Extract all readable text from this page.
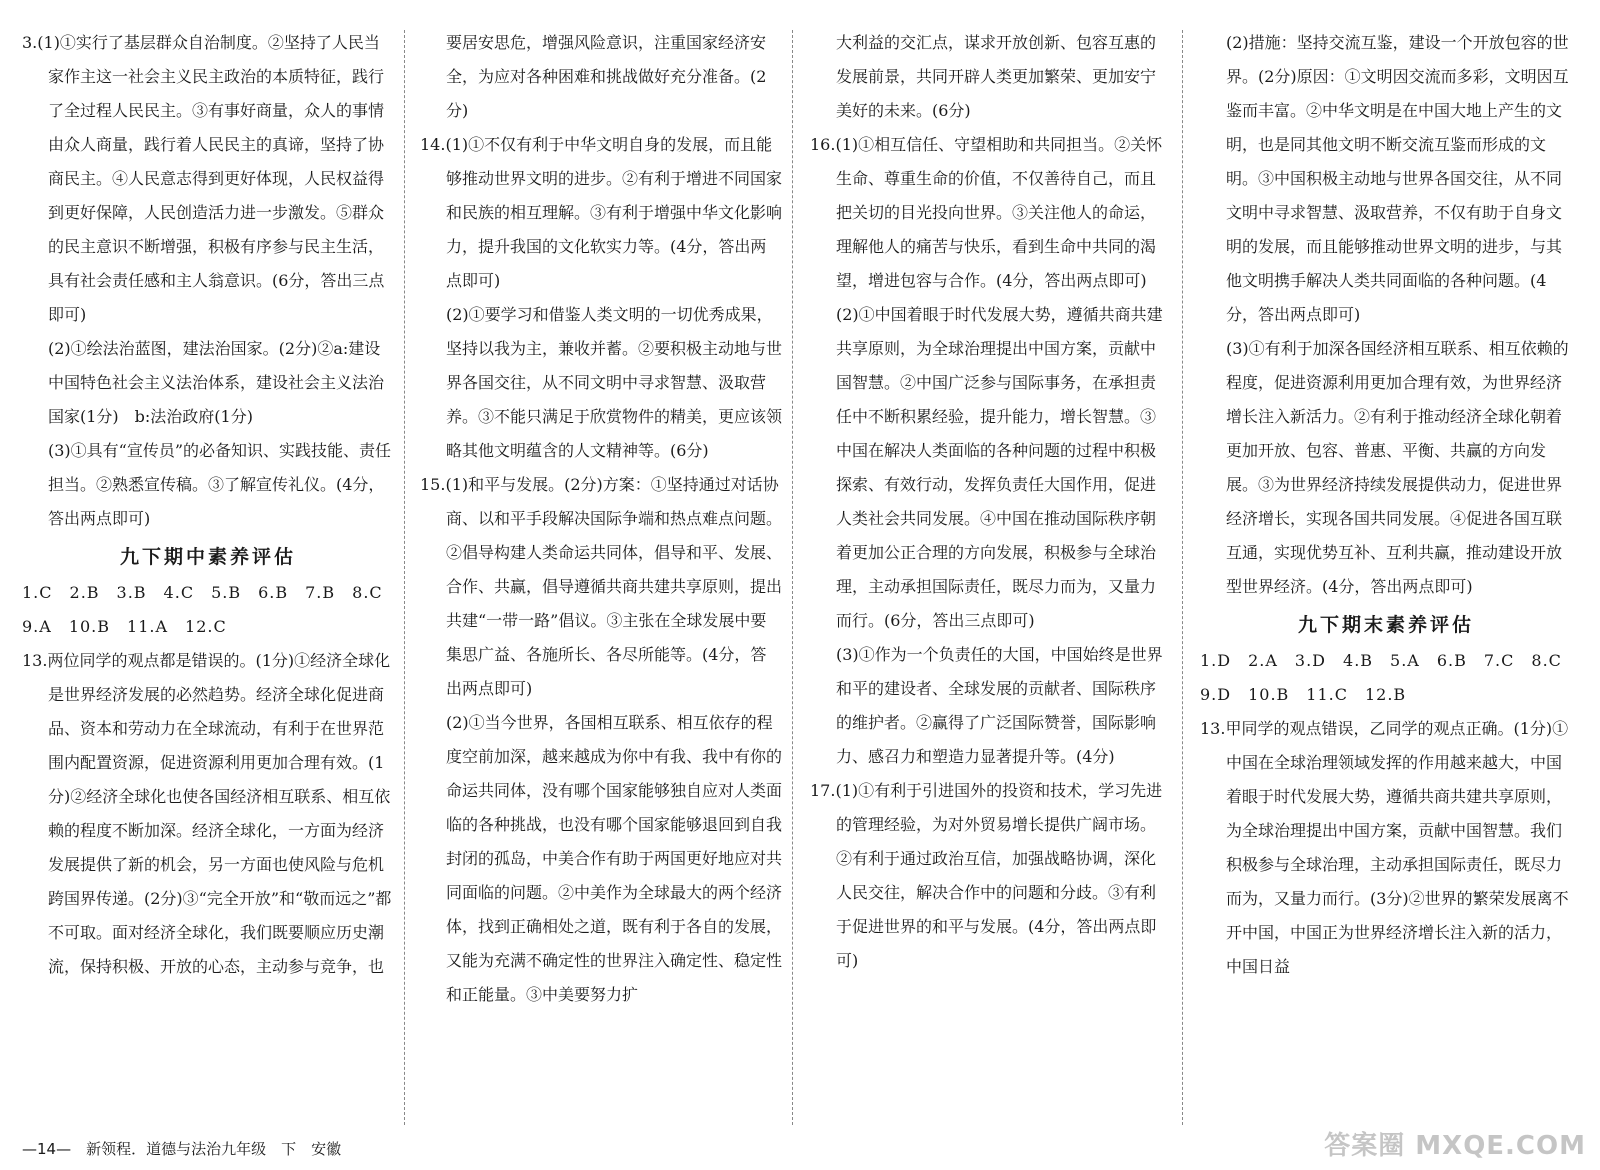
3.(1)①实行了基层群众自治制度。②坚持了人民当家作主这一社会主义民主政治的本质特征，践行了全过程人民民主。③有事好商量，众人的事情由众人商量，践行着人民民主的真谛，坚持了协商民主。④人民意志得到更好体现，人民权益得到更好保障，人民创造活力进一步激发。⑤群众的民主意识不断增强，积极有序参与民主生活，具有社会责任感和主人翁意识。(6分，答出三点即可)

(2)①绘法治蓝图，建法治国家。(2分)②a:建设中国特色社会主义法治体系，建设社会主义法治国家(1分)　b:法治政府(1分)

(3)①具有“宣传员”的必备知识、实践技能、责任担当。②熟悉宣传稿。③了解宣传礼仪。(4分，答出两点即可)

九下期中素养评估

1.C　2.B　3.B　4.C　5.B　6.B　7.B　8.C

9.A　10.B　11.A　12.C

13.两位同学的观点都是错误的。(1分)①经济全球化是世界经济发展的必然趋势。经济全球化促进商品、资本和劳动力在全球流动，有利于在世界范围内配置资源，促进资源利用更加合理有效。(1分)②经济全球化也使各国经济相互联系、相互依赖的程度不断加深。经济全球化，一方面为经济发展提供了新的机会，另一方面也使风险与危机跨国界传递。(2分)③“完全开放”和“敬而远之”都不可取。面对经济全球化，我们既要顺应历史潮流，保持积极、开放的心态，主动参与竞争，也

要居安思危，增强风险意识，注重国家经济安全，为应对各种困难和挑战做好充分准备。(2分)

14.(1)①不仅有利于中华文明自身的发展，而且能够推动世界文明的进步。②有利于增进不同国家和民族的相互理解。③有利于增强中华文化影响力，提升我国的文化软实力等。(4分，答出两点即可)

(2)①要学习和借鉴人类文明的一切优秀成果，坚持以我为主，兼收并蓄。②要积极主动地与世界各国交往，从不同文明中寻求智慧、汲取营养。③不能只满足于欣赏物件的精美，更应该领略其他文明蕴含的人文精神等。(6分)

15.(1)和平与发展。(2分)方案：①坚持通过对话协商、以和平手段解决国际争端和热点难点问题。②倡导构建人类命运共同体，倡导和平、发展、合作、共赢，倡导遵循共商共建共享原则，提出共建“一带一路”倡议。③主张在全球发展中要集思广益、各施所长、各尽所能等。(4分，答出两点即可)

(2)①当今世界，各国相互联系、相互依存的程度空前加深，越来越成为你中有我、我中有你的命运共同体，没有哪个国家能够独自应对人类面临的各种挑战，也没有哪个国家能够退回到自我封闭的孤岛，中美合作有助于两国更好地应对共同面临的问题。②中美作为全球最大的两个经济体，找到正确相处之道，既有利于各自的发展，又能为充满不确定性的世界注入确定性、稳定性和正能量。③中美要努力扩

大利益的交汇点，谋求开放创新、包容互惠的发展前景，共同开辟人类更加繁荣、更加安宁美好的未来。(6分)

16.(1)①相互信任、守望相助和共同担当。②关怀生命、尊重生命的价值，不仅善待自己，而且把关切的目光投向世界。③关注他人的命运，理解他人的痛苦与快乐，看到生命中共同的渴望，增进包容与合作。(4分，答出两点即可)

(2)①中国着眼于时代发展大势，遵循共商共建共享原则，为全球治理提出中国方案，贡献中国智慧。②中国广泛参与国际事务，在承担责任中不断积累经验，提升能力，增长智慧。③中国在解决人类面临的各种问题的过程中积极探索、有效行动，发挥负责任大国作用，促进人类社会共同发展。④中国在推动国际秩序朝着更加公正合理的方向发展，积极参与全球治理，主动承担国际责任，既尽力而为，又量力而行。(6分，答出三点即可)

(3)①作为一个负责任的大国，中国始终是世界和平的建设者、全球发展的贡献者、国际秩序的维护者。②赢得了广泛国际赞誉，国际影响力、感召力和塑造力显著提升等。(4分)

17.(1)①有利于引进国外的投资和技术，学习先进的管理经验，为对外贸易增长提供广阔市场。②有利于通过政治互信，加强战略协调，深化人民交往，解决合作中的问题和分歧。③有利于促进世界的和平与发展。(4分，答出两点即可)

(2)措施：坚持交流互鉴，建设一个开放包容的世界。(2分)原因：①文明因交流而多彩，文明因互鉴而丰富。②中华文明是在中国大地上产生的文明，也是同其他文明不断交流互鉴而形成的文明。③中国积极主动地与世界各国交往，从不同文明中寻求智慧、汲取营养，不仅有助于自身文明的发展，而且能够推动世界文明的进步，与其他文明携手解决人类共同面临的各种问题。(4分，答出两点即可)

(3)①有利于加深各国经济相互联系、相互依赖的程度，促进资源利用更加合理有效，为世界经济增长注入新活力。②有利于推动经济全球化朝着更加开放、包容、普惠、平衡、共赢的方向发展。③为世界经济持续发展提供动力，促进世界经济增长，实现各国共同发展。④促进各国互联互通，实现优势互补、互利共赢，推动建设开放型世界经济。(4分，答出两点即可)

九下期末素养评估

1.D　2.A　3.D　4.B　5.A　6.B　7.C　8.C

9.D　10.B　11.C　12.B

13.甲同学的观点错误，乙同学的观点正确。(1分)①中国在全球治理领域发挥的作用越来越大，中国着眼于时代发展大势，遵循共商共建共享原则，为全球治理提出中国方案，贡献中国智慧。我们积极参与全球治理，主动承担国际责任，既尽力而为，又量力而行。(3分)②世界的繁荣发展离不开中国，中国正为世界经济增长注入新的活力，中国日益

—14—　新领程．道德与法治九年级　下　安徽	答案圈 MXQE.COM
